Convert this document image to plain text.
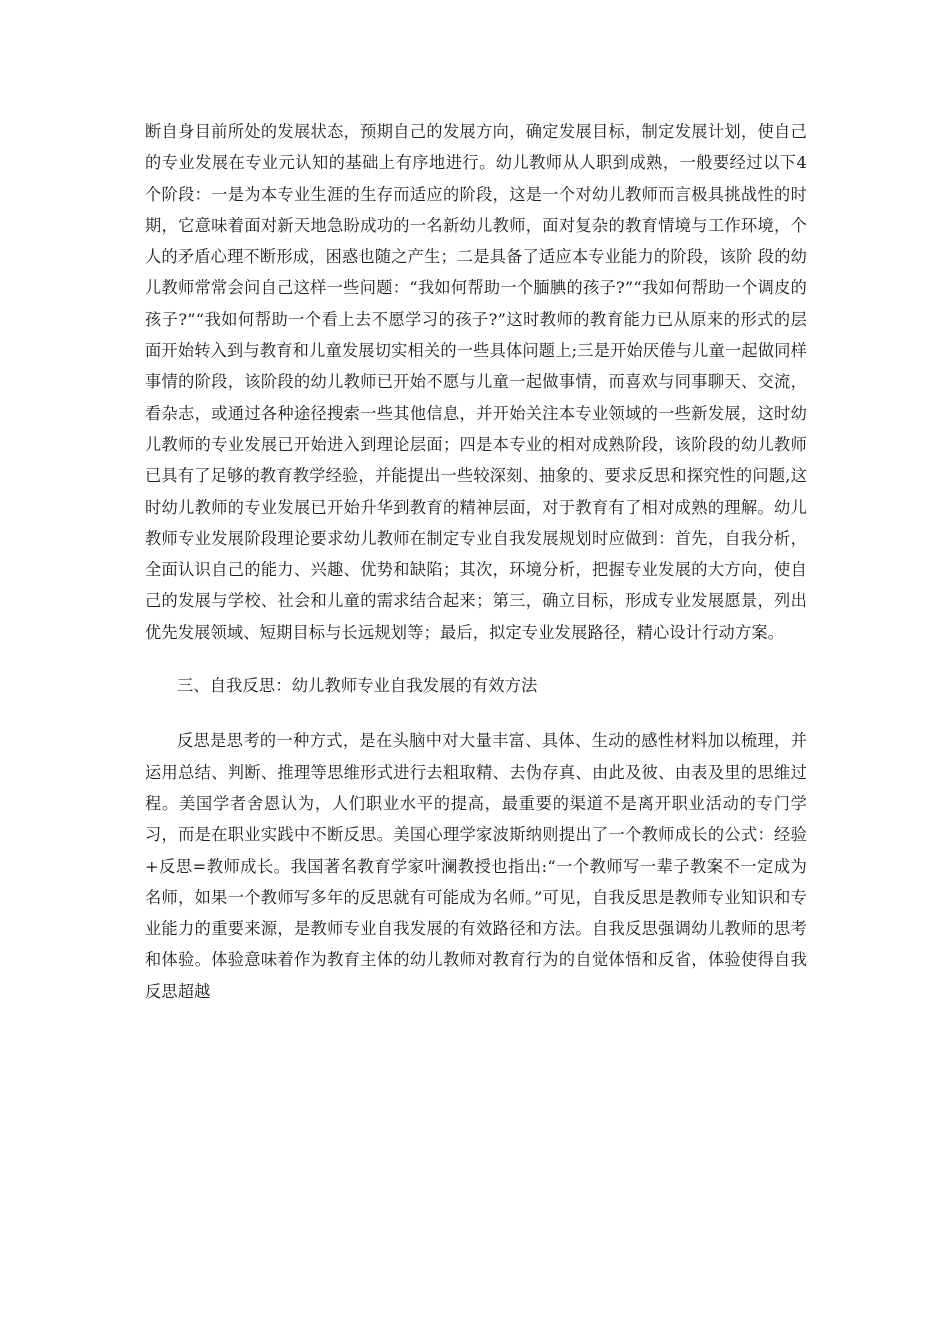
断自身目前所处的发展状态，预期自己的发展方向，确定发展目标，制定发展计划，使自己的专业发展在专业元认知的基础上有序地进行。幼儿教师从人职到成熟，一般要经过以下4个阶段：一是为本专业生涯的生存而适应的阶段，这是一个对幼儿教师而言极具挑战性的时期，它意味着面对新天地急盼成功的一名新幼儿教师，面对复杂的教育情境与工作环境，个人的矛盾心理不断形成，困惑也随之产生；二是具备了适应本专业能力的阶段，该阶 段的幼儿教师常常会问自己这样一些问题：“我如何帮助一个腼腆的孩子?”“我如何帮助一个调皮的孩子?”“我如何帮助一个看上去不愿学习的孩子?”这时教师的教育能力已从原来的形式的层面开始转入到与教育和儿童发展切实相关的一些具体问题上;三是开始厌倦与儿童一起做同样事情的阶段，该阶段的幼儿教师已开始不愿与儿童一起做事情，而喜欢与同事聊天、交流，看杂志，或通过各种途径搜索一些其他信息，并开始关注本专业领域的一些新发展，这时幼儿教师的专业发展已开始进入到理论层面；四是本专业的相对成熟阶段，该阶段的幼儿教师已具有了足够的教育教学经验，并能提出一些较深刻、抽象的、要求反思和探究性的问题,这时幼儿教师的专业发展已开始升华到教育的精神层面，对于教育有了相对成熟的理解。幼儿教师专业发展阶段理论要求幼儿教师在制定专业自我发展规划时应做到：首先，自我分析，全面认识自己的能力、兴趣、优势和缺陷；其次，环境分析，把握专业发展的大方向，使自己的发展与学校、社会和儿童的需求结合起来；第三，确立目标，形成专业发展愿景，列出优先发展领域、短期目标与长远规划等；最后，拟定专业发展路径，精心设计行动方案。

三、自我反思：幼儿教师专业自我发展的有效方法

反思是思考的一种方式，是在头脑中对大量丰富、具体、生动的感性材料加以梳理，并运用总结、判断、推理等思维形式进行去粗取精、去伪存真、由此及彼、由表及里的思维过程。美国学者舍恩认为，人们职业水平的提高，最重要的渠道不是离开职业活动的专门学习，而是在职业实践中不断反思。美国心理学家波斯纳则提出了一个教师成长的公式：经验+反思=教师成长。我国著名教育学家叶澜教授也指出:“一个教师写一辈子教案不一定成为名师，如果一个教师写多年的反思就有可能成为名师。”可见，自我反思是教师专业知识和专业能力的重要来源，是教师专业自我发展的有效路径和方法。自我反思强调幼儿教师的思考和体验。体验意味着作为教育主体的幼儿教师对教育行为的自觉体悟和反省，体验使得自我反思超越
